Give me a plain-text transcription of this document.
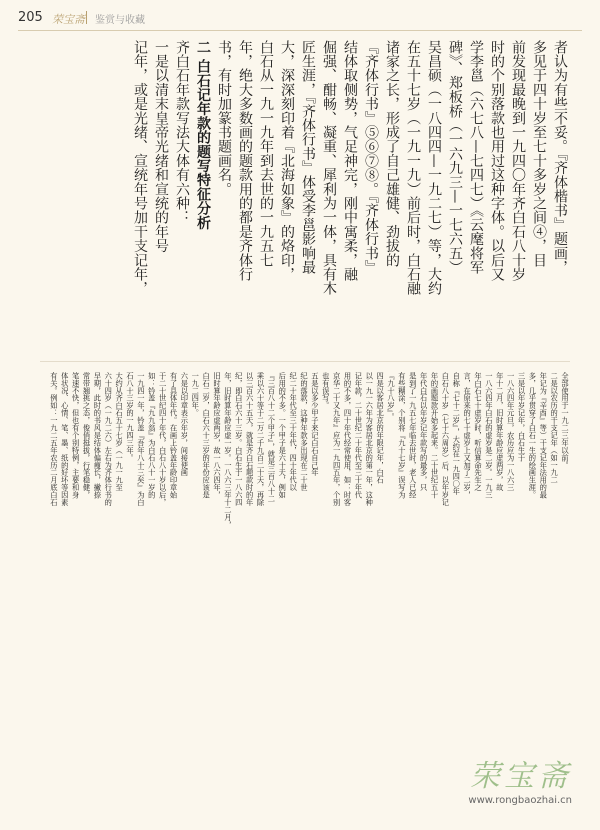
205 荣宝斋 鉴赏与收藏
者认为有些不妥。『齐体楷书』题画，
多见于四十岁至七十多岁之间④，目
前发现最晚到一九四〇年齐白石八十岁
时的个别落款也用过这种字体。以后又
学李邕（六七八—七四七）《云麾将军
碑》、郑板桥（一六九三—一七六五）
吴昌硕（一八四四—一九二七）等，大约
在五十七岁（一九一九）前后时，白石融
诸家之长，形成了自己雄健、劲拔的
『齐体行书』⑤⑥⑦⑧。『齐体行书』
结体取侧势，气足神完，刚中寓柔，融
倔强、酣畅、凝重、犀利为一体，具有木
匠生涯，『齐体行书』体受李邕影响最
大，深深刻印着『北海如象』的烙印，
白石从一九一九年到去世的一九五七
年，绝大多数画的题款用的都是齐体行
书，有时加篆书题画名。
二 白石记年款的题写特征分析
齐白石年款写法大体有六种：
一是以清末皇帝光绪和宣统的年号
记年，或是光绪、宣统年号加干支记年，
全部使用于一九二三年以前。
二是以农历的干支记年（如一九二
年记为『辛酉』等）干支记年法用的最
多，几乎贯穿了白石一生的绘画生涯。
三是以年岁记年，白石生于
一八六四年元旦，农历应为一八六三
年十二月，旧时算年龄应虚两岁，故
一八六四年白石的虚岁是二岁。一九三
年白石七十虚岁时，听信算命先生之
言，在原来的七十虚岁上又加了二岁，
自称『七十二岁』，大约在一九四〇年
白石八十岁（七十六周岁）后，以年岁记
年的画题款开始多起来。二十世纪五十
年代白石以年岁记年款写的最多，只
是到了一九五七年临去世时，老人已经
有些糊涂，个别将『九十七岁』误写为
『九十八岁』。
四是以客居北京的年限记年，白石
以一九一六年为客居北京的第一年，这种
记年款，二十世纪二十年代至三十年代
用的不多，四十年代经常使用，如：时客
京华二十又九年』应为一九四五年，个别
也有误写。
五是以多少甲子来记白石自己年
纪的落款，这种年款多出现在二十世
纪二十年代至三十年代，四十年代以
后用的不多。一个甲子是六十天，例如
『三百八十二个甲子』，就是三百八十二
乘以六十等于二万二千九百二十天，再除
以三百六十五天，就是齐白石题款时的年
纪，即白石六十三岁。白石生于一八六四
年，旧时算年龄应虚一岁。一八六三年十二月，
旧时算年龄应虚两岁，故一八六四年，
白石二岁，白石六十三岁的年份应该是
一九二四年。
六是以印章表示年岁，间接使画
有了具体年代。在画上钤盖年龄印章始
于二十世纪四十年代，白石八十岁以后，
如：钤盖『九九翁』为白石八十一岁的
一九四一年，钤盖『吾年八十三矣』为白
石八十三岁的一九四三年。
大约从齐白石五十七岁（一九一九至
六十四岁（一九二六）左右为齐体行书的
早期，此时的书风是结体偏瘦长，撇捺
常带翘挑之态，俊俏挺拔，行笔稳健，
笔速不快，但也有个别特例，主要和身
体状况、心情、笔、墨、纸的好坏等因素
有关。例如：一九二五年农历二月底白石
荣宝斋
www.rongbaozhai.cn
